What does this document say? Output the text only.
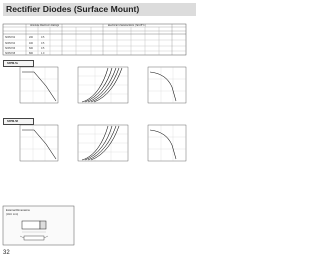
Rectifier Diodes (Surface Mount)
Absolute Maximum Ratings	Electrical Characteristics (Ta=25°C)
SFPM-52	200	0.5
SFPM-54	400	0.5
SFPM-56	600	0.5
SFPM-58	800	1.0
SFPM-5x
SFPM-58
External Dimensions
(Unit: mm)
32
